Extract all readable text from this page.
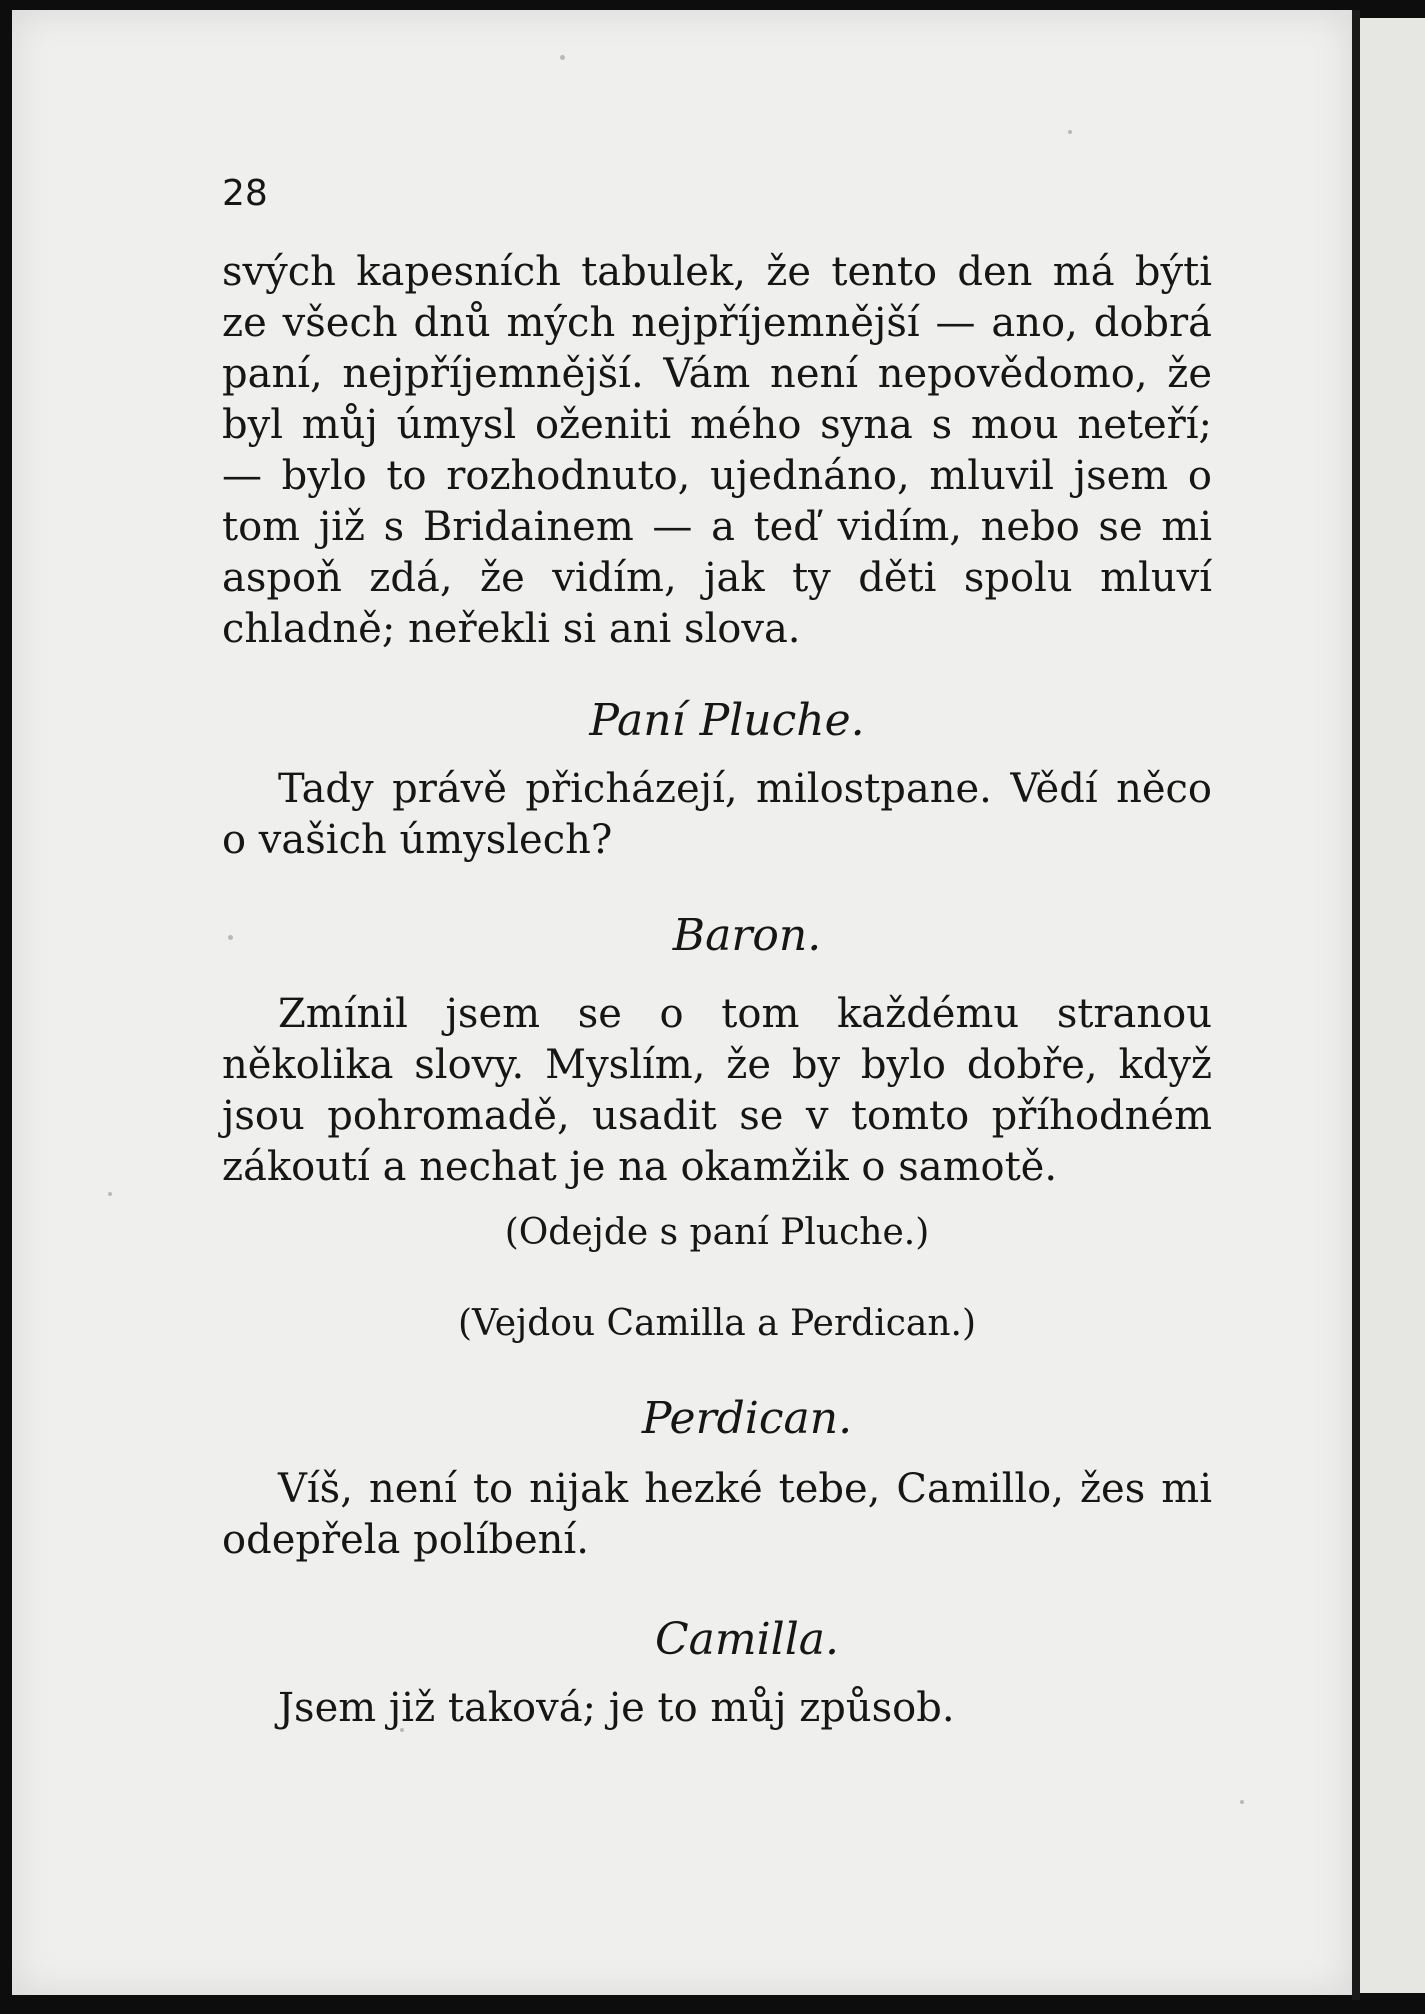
28

svých kapesních tabulek, že tento den má býti ze všech dnů mých nejpříjemnější — ano, dobrá paní, nejpříjemnější. Vám není nepovědomo, že byl můj úmysl oženiti mého syna s mou neteří; — bylo to rozhodnuto, ujednáno, mluvil jsem o tom již s Bridainem — a teď vidím, nebo se mi aspoň zdá, že vidím, jak ty děti spolu mluví chladně; neřekli si ani slova.

Paní Pluche.

Tady právě přicházejí, milostpane. Vědí něco o vašich úmyslech?

Baron.

Zmínil jsem se o tom každému stranou několika slovy. Myslím, že by bylo dobře, když jsou pohromadě, usadit se v tomto příhodném zákoutí a nechat je na okamžik o samotě.

(Odejde s paní Pluche.)
(Vejdou Camilla a Perdican.)
Perdican.

Víš, není to nijak hezké tebe, Camillo, žes mi odepřela políbení.

Camilla.

Jsem již taková; je to můj způsob.
